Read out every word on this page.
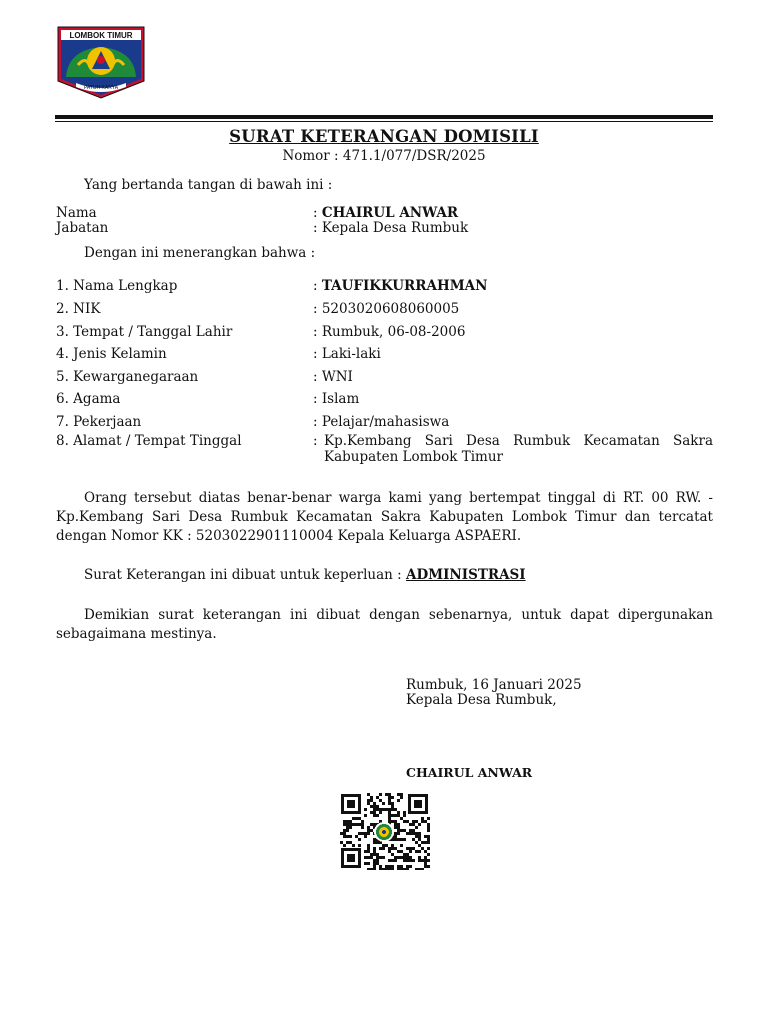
LOMBOK TIMUR
PATUH KARYA
SURAT KETERANGAN DOMISILI
Nomor : 471.1/077/DSR/2025
Yang bertanda tangan di bawah ini :
Nama	: CHAIRUL ANWAR
Jabatan	: Kepala Desa Rumbuk
Dengan ini menerangkan bahwa :
1. Nama Lengkap	: TAUFIKKURRAHMAN
2. NIK	: 5203020608060005
3. Tempat / Tanggal Lahir	: Rumbuk, 06-08-2006
4. Jenis Kelamin	: Laki-laki
5. Kewarganegaraan	: WNI
6. Agama	: Islam
7. Pekerjaan	: Pelajar/mahasiswa
8. Alamat / Tempat Tinggal	: Kp.Kembang Sari Desa Rumbuk Kecamatan Sakra Kabupaten Lombok Timur

Orang tersebut diatas benar-benar warga kami yang bertempat tinggal di RT. 00 RW. - Kp.Kembang Sari Desa Rumbuk Kecamatan Sakra Kabupaten Lombok Timur dan tercatat dengan Nomor KK : 5203022901110004 Kepala Keluarga ASPAERI.

Surat Keterangan ini dibuat untuk keperluan : ADMINISTRASI

Demikian surat keterangan ini dibuat dengan sebenarnya, untuk dapat dipergunakan sebagaimana mestinya.

Rumbuk, 16 Januari 2025
Kepala Desa Rumbuk,
CHAIRUL ANWAR
